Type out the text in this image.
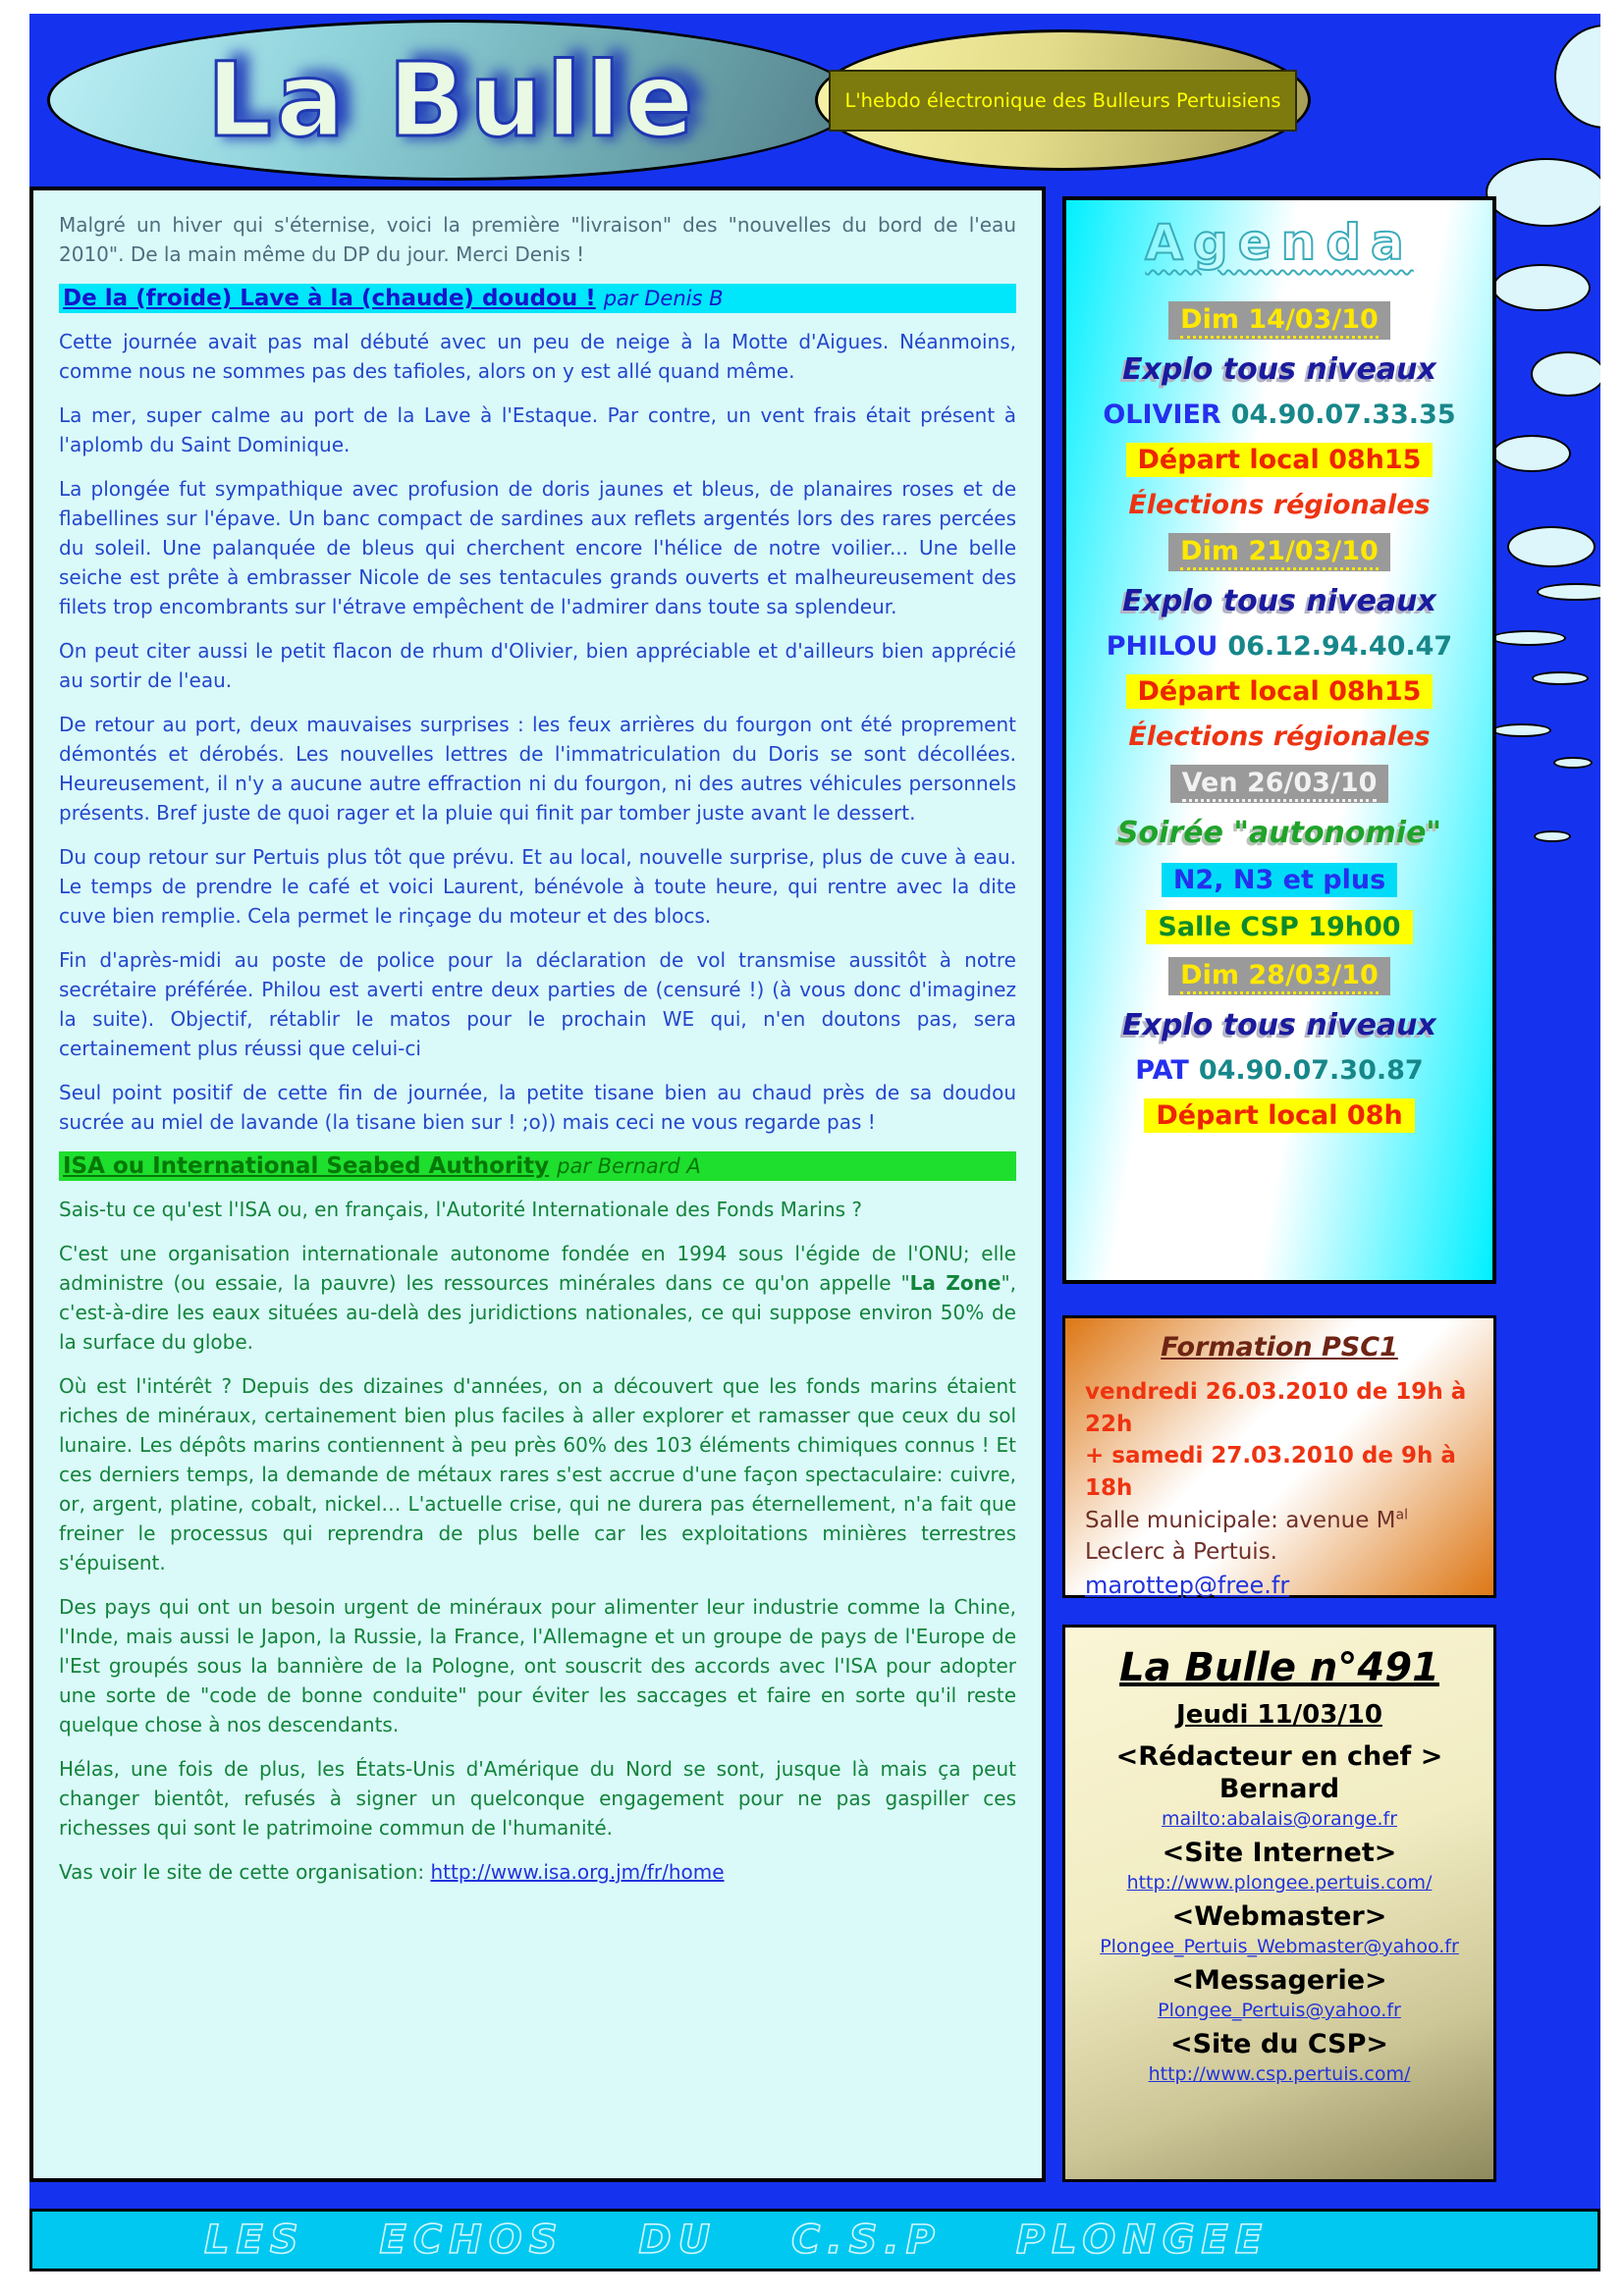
La Bulle	L'hebdo électronique des Bulleurs Pertuisiens

Malgré un hiver qui s'éternise, voici la première "livraison" des "nouvelles du bord de l'eau 2010". De la main même du DP du jour. Merci Denis !

De la (froide) Lave à la (chaude) doudou ! par Denis B

Cette journée avait pas mal débuté avec un peu de neige à la Motte d'Aigues. Néanmoins, comme nous ne sommes pas des tafioles, alors on y est allé quand même.

La mer, super calme au port de la Lave à l'Estaque. Par contre, un vent frais était présent à l'aplomb du Saint Dominique.

La plongée fut sympathique avec profusion de doris jaunes et bleus, de planaires roses et de flabellines sur l'épave. Un banc compact de sardines aux reflets argentés lors des rares percées du soleil. Une palanquée de bleus qui cherchent encore l'hélice de notre voilier... Une belle seiche est prête à embrasser Nicole de ses tentacules grands ouverts et malheureusement des filets trop encombrants sur l'étrave empêchent de l'admirer dans toute sa splendeur.

On peut citer aussi le petit flacon de rhum d'Olivier, bien appréciable et d'ailleurs bien apprécié au sortir de l'eau.

De retour au port, deux mauvaises surprises : les feux arrières du fourgon ont été proprement démontés et dérobés. Les nouvelles lettres de l'immatriculation du Doris se sont décollées. Heureusement, il n'y a aucune autre effraction ni du fourgon, ni des autres véhicules personnels présents. Bref juste de quoi rager et la pluie qui finit par tomber juste avant le dessert.

Du coup retour sur Pertuis plus tôt que prévu. Et au local, nouvelle surprise, plus de cuve à eau. Le temps de prendre le café et voici Laurent, bénévole à toute heure, qui rentre avec la dite cuve bien remplie. Cela permet le rinçage du moteur et des blocs.

Fin d'après-midi au poste de police pour la déclaration de vol transmise aussitôt à notre secrétaire préférée. Philou est averti entre deux parties de (censuré !) (à vous donc d'imaginez la suite). Objectif, rétablir le matos pour le prochain WE qui, n'en doutons pas, sera certainement plus réussi que celui-ci

Seul point positif de cette fin de journée, la petite tisane bien au chaud près de sa doudou sucrée au miel de lavande (la tisane bien sur ! ;o)) mais ceci ne vous regarde pas !

ISA ou International Seabed Authority par Bernard A

Sais-tu ce qu'est l'ISA ou, en français, l'Autorité Internationale des Fonds Marins ?

C'est une organisation internationale autonome fondée en 1994 sous l'égide de l'ONU; elle administre (ou essaie, la pauvre) les ressources minérales dans ce qu'on appelle "La Zone", c'est-à-dire les eaux situées au-delà des juridictions nationales, ce qui suppose environ 50% de la surface du globe.

Où est l'intérêt ? Depuis des dizaines d'années, on a découvert que les fonds marins étaient riches de minéraux, certainement bien plus faciles à aller explorer et ramasser que ceux du sol lunaire. Les dépôts marins contiennent à peu près 60% des 103 éléments chimiques connus ! Et ces derniers temps, la demande de métaux rares s'est accrue d'une façon spectaculaire: cuivre, or, argent, platine, cobalt, nickel… L'actuelle crise, qui ne durera pas éternellement, n'a fait que freiner le processus qui reprendra de plus belle car les exploitations minières terrestres s'épuisent.

Des pays qui ont un besoin urgent de minéraux pour alimenter leur industrie comme la Chine, l'Inde, mais aussi le Japon, la Russie, la France, l'Allemagne et un groupe de pays de l'Europe de l'Est groupés sous la bannière de la Pologne, ont souscrit des accords avec l'ISA pour adopter une sorte de "code de bonne conduite" pour éviter les saccages et faire en sorte qu'il reste quelque chose à nos descendants.

Hélas, une fois de plus, les États-Unis d'Amérique du Nord se sont, jusque là mais ça peut changer bientôt, refusés à signer un quelconque engagement pour ne pas gaspiller ces richesses qui sont le patrimoine commun de l'humanité.

Vas voir le site de cette organisation: http://www.isa.org.jm/fr/home

Agenda
Dim 14/03/10
Explo tous niveaux
OLIVIER 04.90.07.33.35
Départ local 08h15
Élections régionales
Dim 21/03/10
Explo tous niveaux
PHILOU 06.12.94.40.47
Départ local 08h15
Élections régionales
Ven 26/03/10
Soirée "autonomie"
N2, N3 et plus
Salle CSP 19h00
Dim 28/03/10
Explo tous niveaux
PAT 04.90.07.30.87
Départ local 08h
Formation PSC1
vendredi 26.03.2010 de 19h à 22h
+ samedi 27.03.2010 de 9h à 18h
Salle municipale: avenue $M^{al}$
Leclerc à Pertuis.
marottep@free.fr
La Bulle n°491
Jeudi 11/03/10
<Rédacteur en chef >
Bernard
mailto:abalais@orange.fr
<Site Internet>
http://www.plongee.pertuis.com/
<Webmaster>
Plongee_Pertuis_Webmaster@yahoo.fr
<Messagerie>
Plongee_Pertuis@yahoo.fr
<Site du CSP>
http://www.csp.pertuis.com/
LES ECHOS DU C.S.P PLONGEE
